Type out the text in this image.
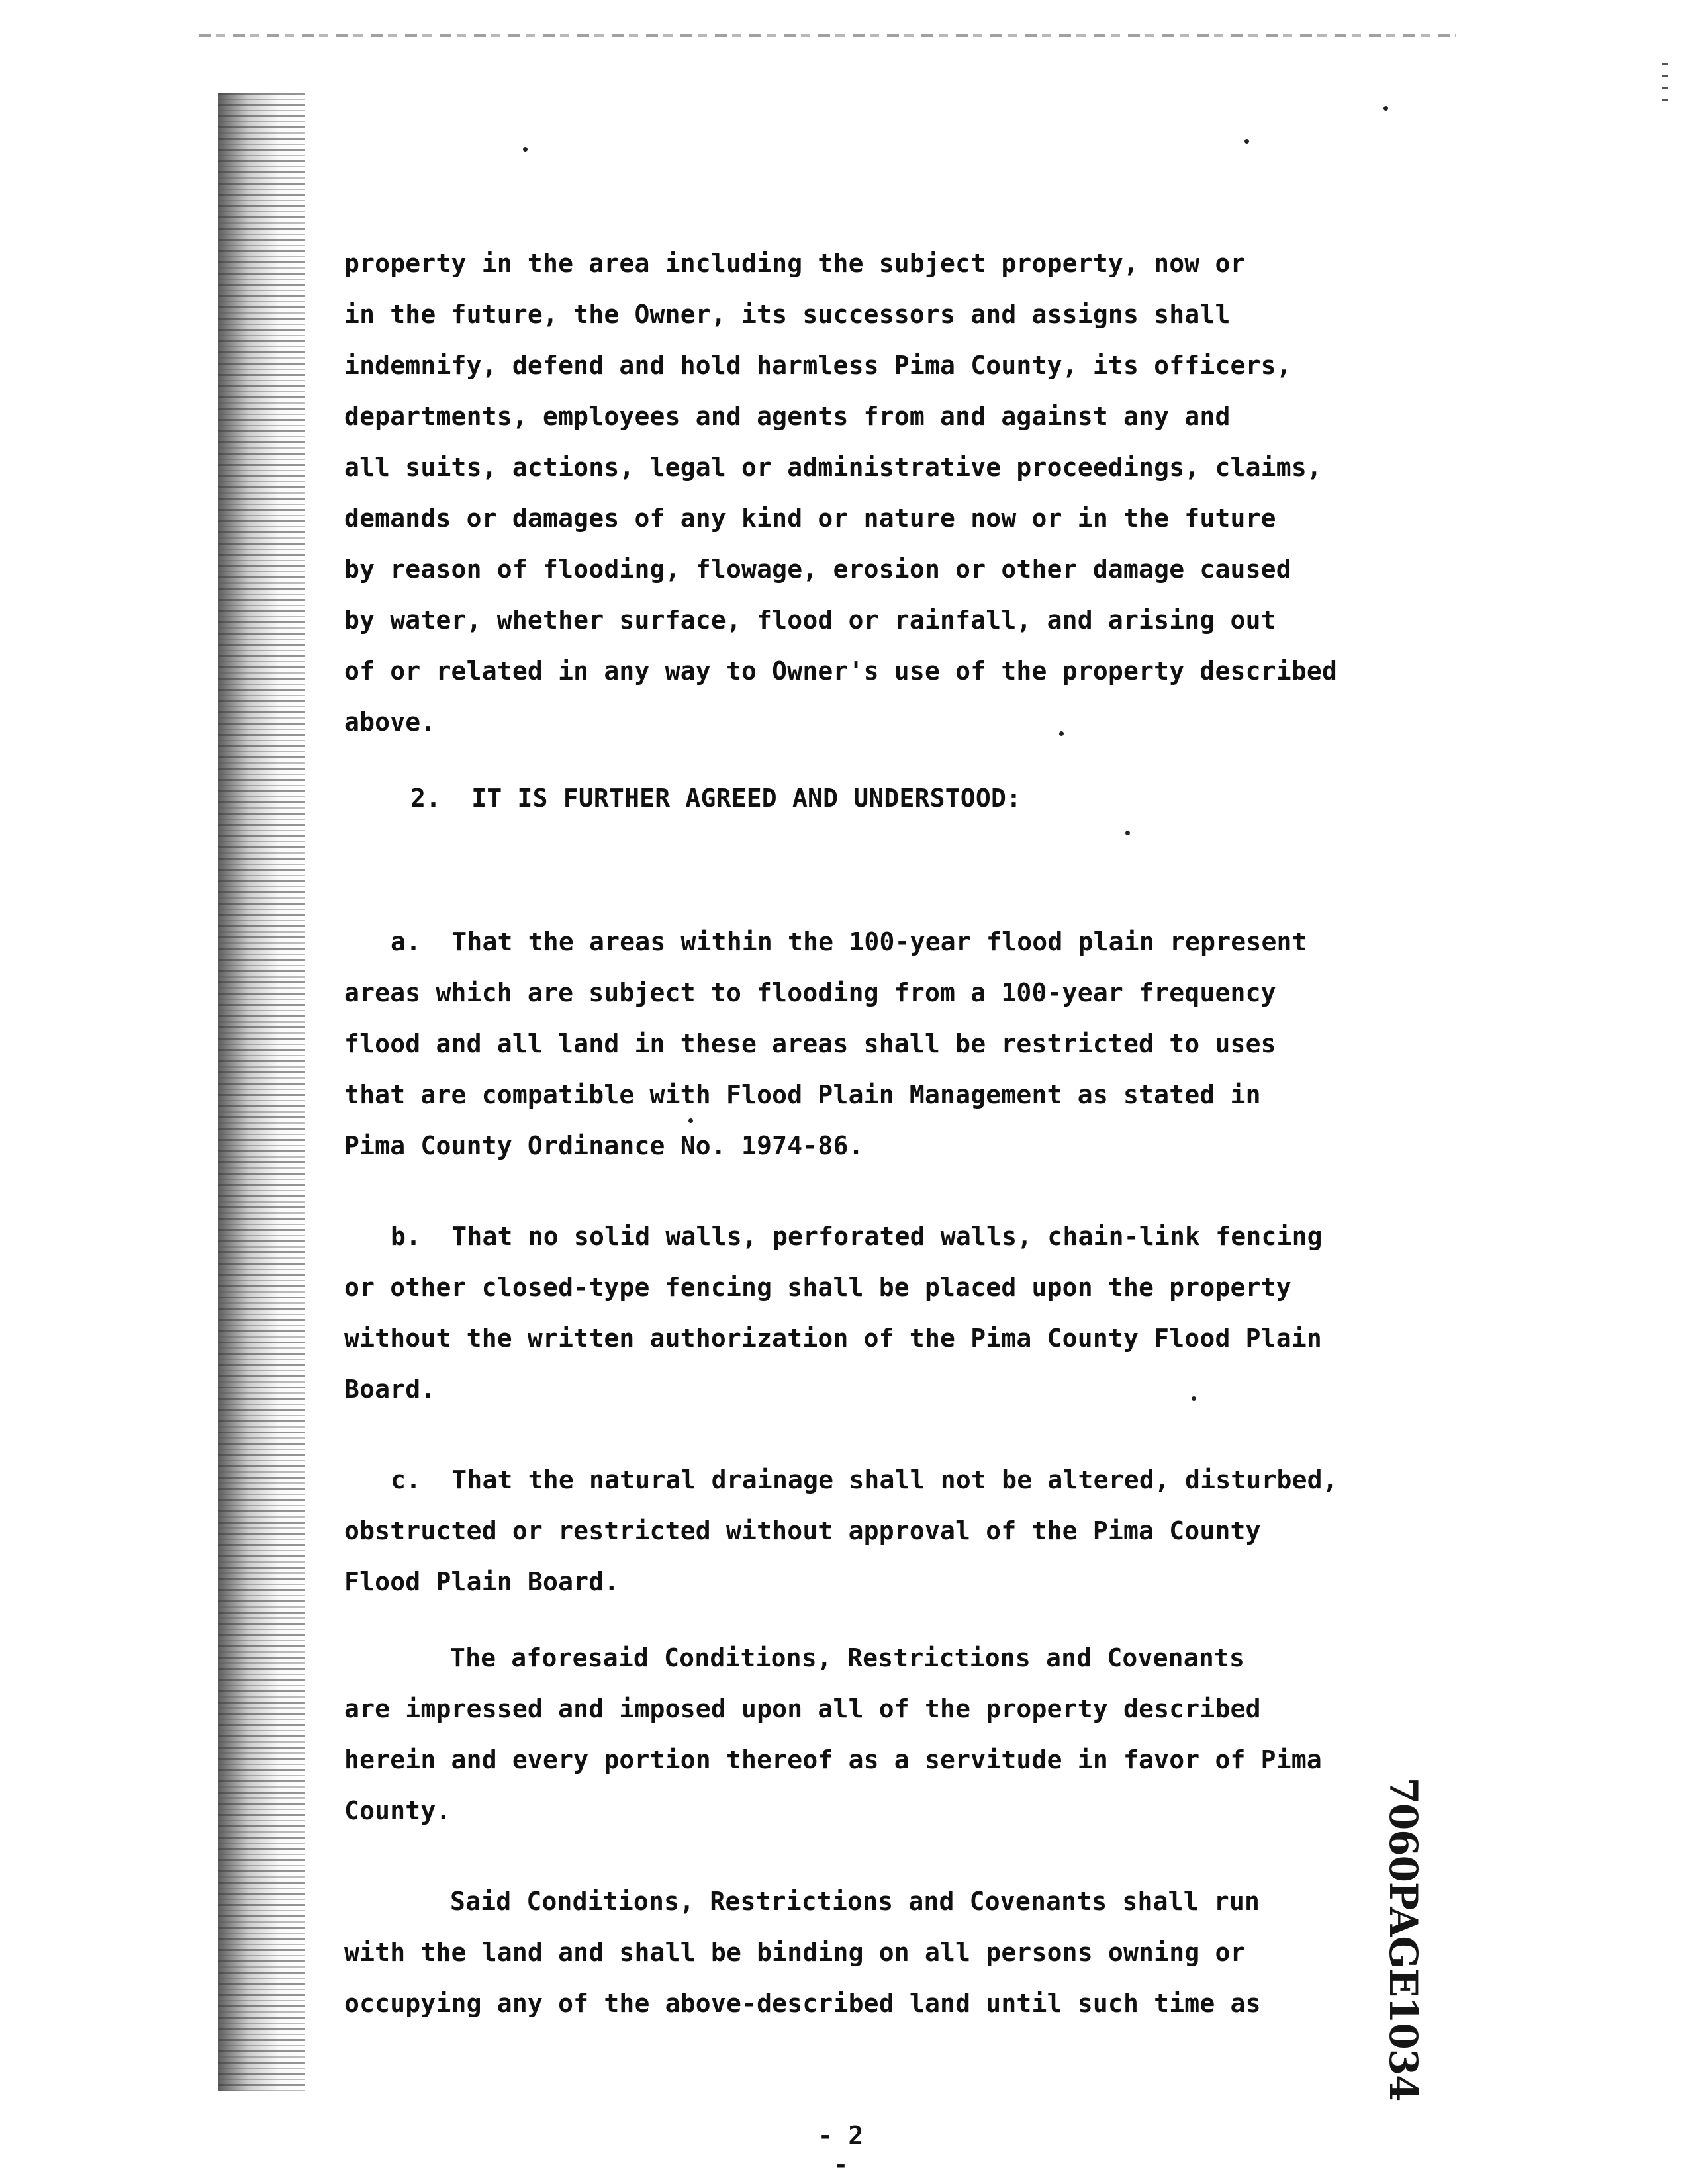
property in the area including the subject property, now or
in the future, the Owner, its successors and assigns shall
indemnify, defend and hold harmless Pima County, its officers,
departments, employees and agents from and against any and
all suits, actions, legal or administrative proceedings, claims,
demands or damages of any kind or nature now or in the future
by reason of flooding, flowage, erosion or other damage caused
by water, whether surface, flood or rainfall, and arising out
of or related in any way to Owner's use of the property described
above.
2.  IT IS FURTHER AGREED AND UNDERSTOOD:
a.  That the areas within the 100-year flood plain represent
areas which are subject to flooding from a 100-year frequency
flood and all land in these areas shall be restricted to uses
that are compatible with Flood Plain Management as stated in
Pima County Ordinance No. 1974-86.
b.  That no solid walls, perforated walls, chain-link fencing
or other closed-type fencing shall be placed upon the property
without the written authorization of the Pima County Flood Plain
Board.
c.  That the natural drainage shall not be altered, disturbed,
obstructed or restricted without approval of the Pima County
Flood Plain Board.
The aforesaid Conditions, Restrictions and Covenants
are impressed and imposed upon all of the property described
herein and every portion thereof as a servitude in favor of Pima
County.
Said Conditions, Restrictions and Covenants shall run
with the land and shall be binding on all persons owning or
occupying any of the above-described land until such time as	7060PAGE1034
- 2 -
